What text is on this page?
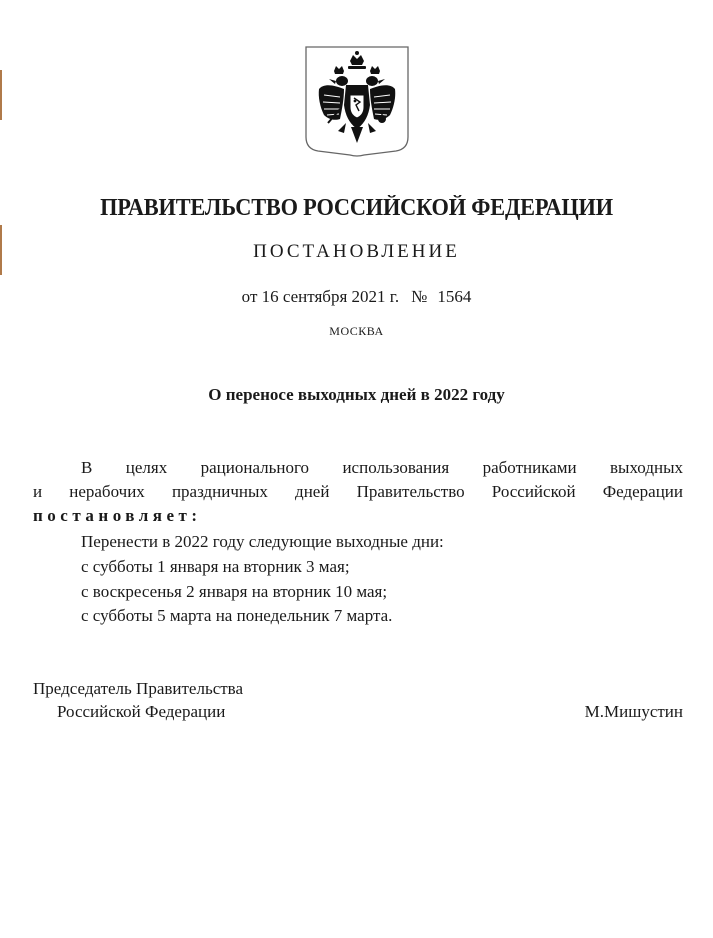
ПРАВИТЕЛЬСТВО РОССИЙСКОЙ ФЕДЕРАЦИИ
ПОСТАНОВЛЕНИЕ
от 16 сентября 2021 г. № 1564
МОСКВА
О переносе выходных дней в 2022 году
В целях рационального использования работниками выходных
и нерабочих праздничных дней Правительство Российской Федерации
постановляет:
Перенести в 2022 году следующие выходные дни:
с субботы 1 января на вторник 3 мая;
с воскресенья 2 января на вторник 10 мая;
с субботы 5 марта на понедельник 7 марта.
Председатель Правительства
Российской Федерации	М.Мишустин
